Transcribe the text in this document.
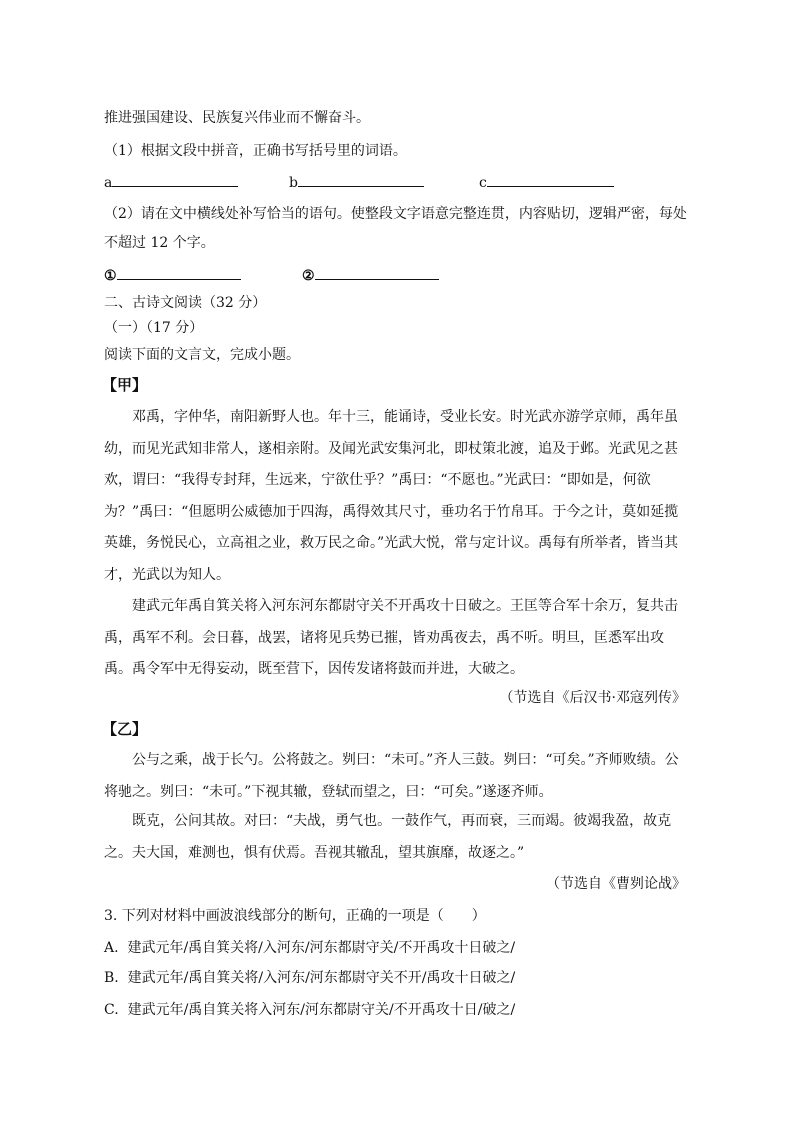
推进强国建设、民族复兴伟业而不懈奋斗。
（1）根据文段中拼音，正确书写括号里的词语。
a	b	c
（2）请在文中横线处补写恰当的语句。使整段文字语意完整连贯，内容贴切，逻辑严密，每处
不超过 12 个字。
①	②
二、古诗文阅读（32 分）
（一）（17 分）
阅读下面的文言文，完成小题。
【甲】
邓禹，字仲华，南阳新野人也。年十三，能诵诗，受业长安。时光武亦游学京师，禹年虽幼，而见光武知非常人，遂相亲附。及闻光武安集河北，即杖策北渡，追及于邺。光武见之甚欢，谓曰：“我得专封拜，生远来，宁欲仕乎？”禹曰：“不愿也。”光武曰：“即如是，何欲为？”禹曰：“但愿明公威德加于四海，禹得效其尺寸，垂功名于竹帛耳。于今之计，莫如延揽英雄，务悦民心，立高祖之业，救万民之命。”光武大悦，常与定计议。禹每有所举者，皆当其才，光武以为知人。
建武元年禹自箕关将入河东河东都尉守关不开禹攻十日破之。王匡等合军十余万，复共击禹，禹军不利。会日暮，战罢，诸将见兵势已摧，皆劝禹夜去，禹不听。明旦，匡悉军出攻禹。禹令军中无得妄动，既至营下，因传发诸将鼓而并进，大破之。
（节选自《后汉书·邓寇列传》
【乙】
公与之乘，战于长勺。公将鼓之。刿曰：“未可。”齐人三鼓。刿曰：“可矣。”齐师败绩。公将驰之。刿曰：“未可。”下视其辙，登轼而望之，曰：“可矣。”遂逐齐师。
既克，公问其故。对曰：“夫战，勇气也。一鼓作气，再而衰，三而竭。彼竭我盈，故克之。夫大国，难测也，惧有伏焉。吾视其辙乱，望其旗靡，故逐之。”
（节选自《曹刿论战》
3. 下列对材料中画波浪线部分的断句，正确的一项是（　　）
A. 建武元年/禹自箕关将/入河东/河东都尉守关/不开禹攻十日破之/
B. 建武元年/禹自箕关将/入河东/河东都尉守关不开/禹攻十日破之/
C. 建武元年/禹自箕关将入河东/河东都尉守关/不开禹攻十日/破之/
